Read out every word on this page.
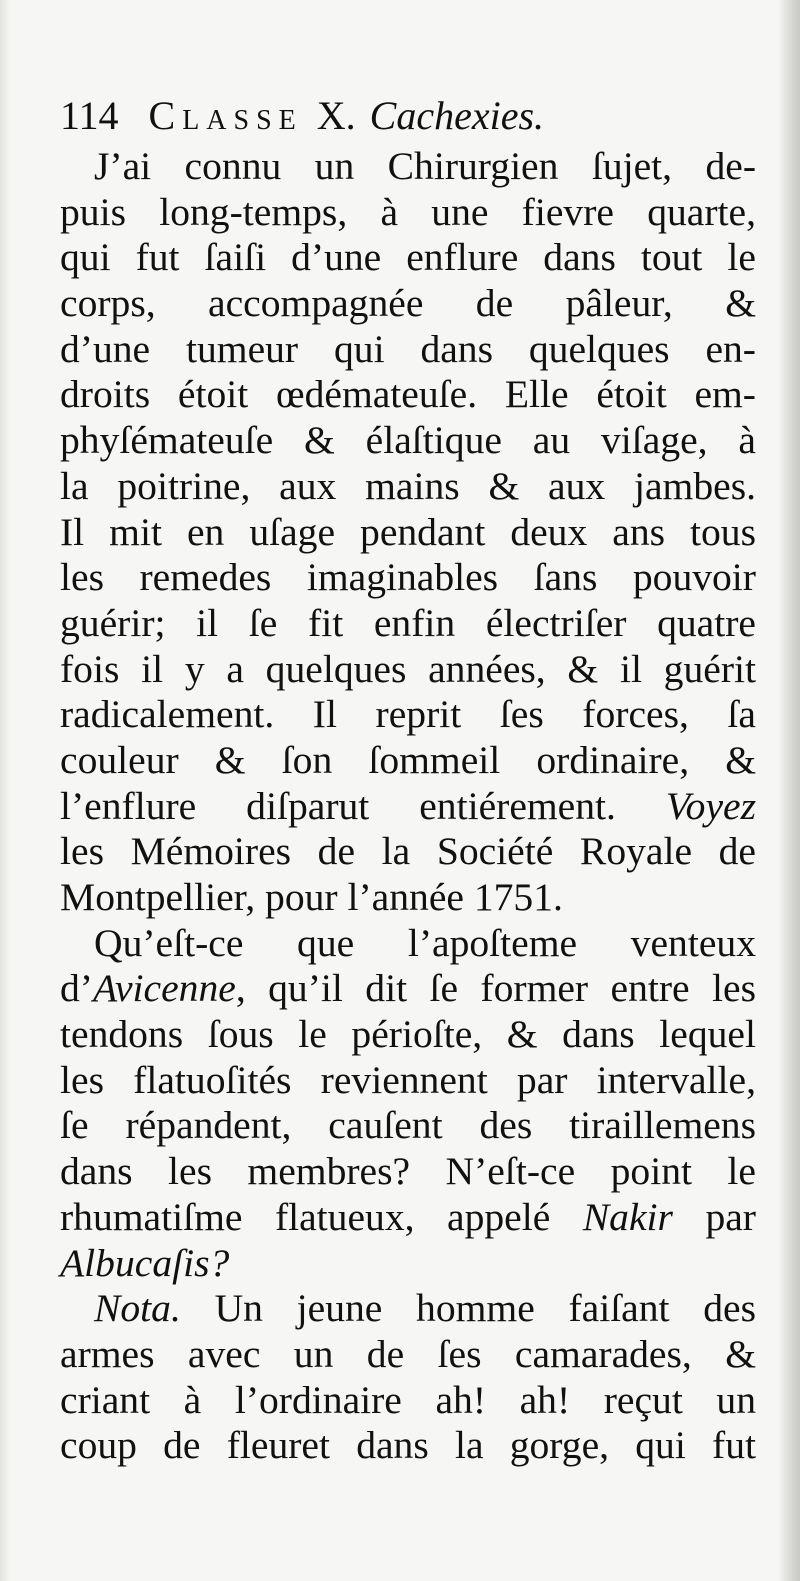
114 Classe X. Cachexies.
J’ai connu un Chirurgien ſujet, de-
puis long-temps, à une fievre quarte,
qui fut ſaiſi d’une enflure dans tout le
corps, accompagnée de pâleur, &
d’une tumeur qui dans quelques en-
droits étoit œdémateuſe. Elle étoit em-
phyſémateuſe & élaſtique au viſage, à
la poitrine, aux mains & aux jambes.
Il mit en uſage pendant deux ans tous
les remedes imaginables ſans pouvoir
guérir; il ſe fit enfin électriſer quatre
fois il y a quelques années, & il guérit
radicalement. Il reprit ſes forces, ſa
couleur & ſon ſommeil ordinaire, &
l’enflure diſparut entiérement. Voyez
les Mémoires de la Société Royale de
Montpellier, pour l’année 1751.
Qu’eſt-ce que l’apoſteme venteux
d’Avicenne, qu’il dit ſe former entre les
tendons ſous le périoſte, & dans lequel
les flatuoſités reviennent par intervalle,
ſe répandent, cauſent des tiraillemens
dans les membres? N’eſt-ce point le
rhumatiſme flatueux, appelé Nakir par
Albucaſis?
Nota. Un jeune homme faiſant des
armes avec un de ſes camarades, &
criant à l’ordinaire ah! ah! reçut un
coup de fleuret dans la gorge, qui fut
